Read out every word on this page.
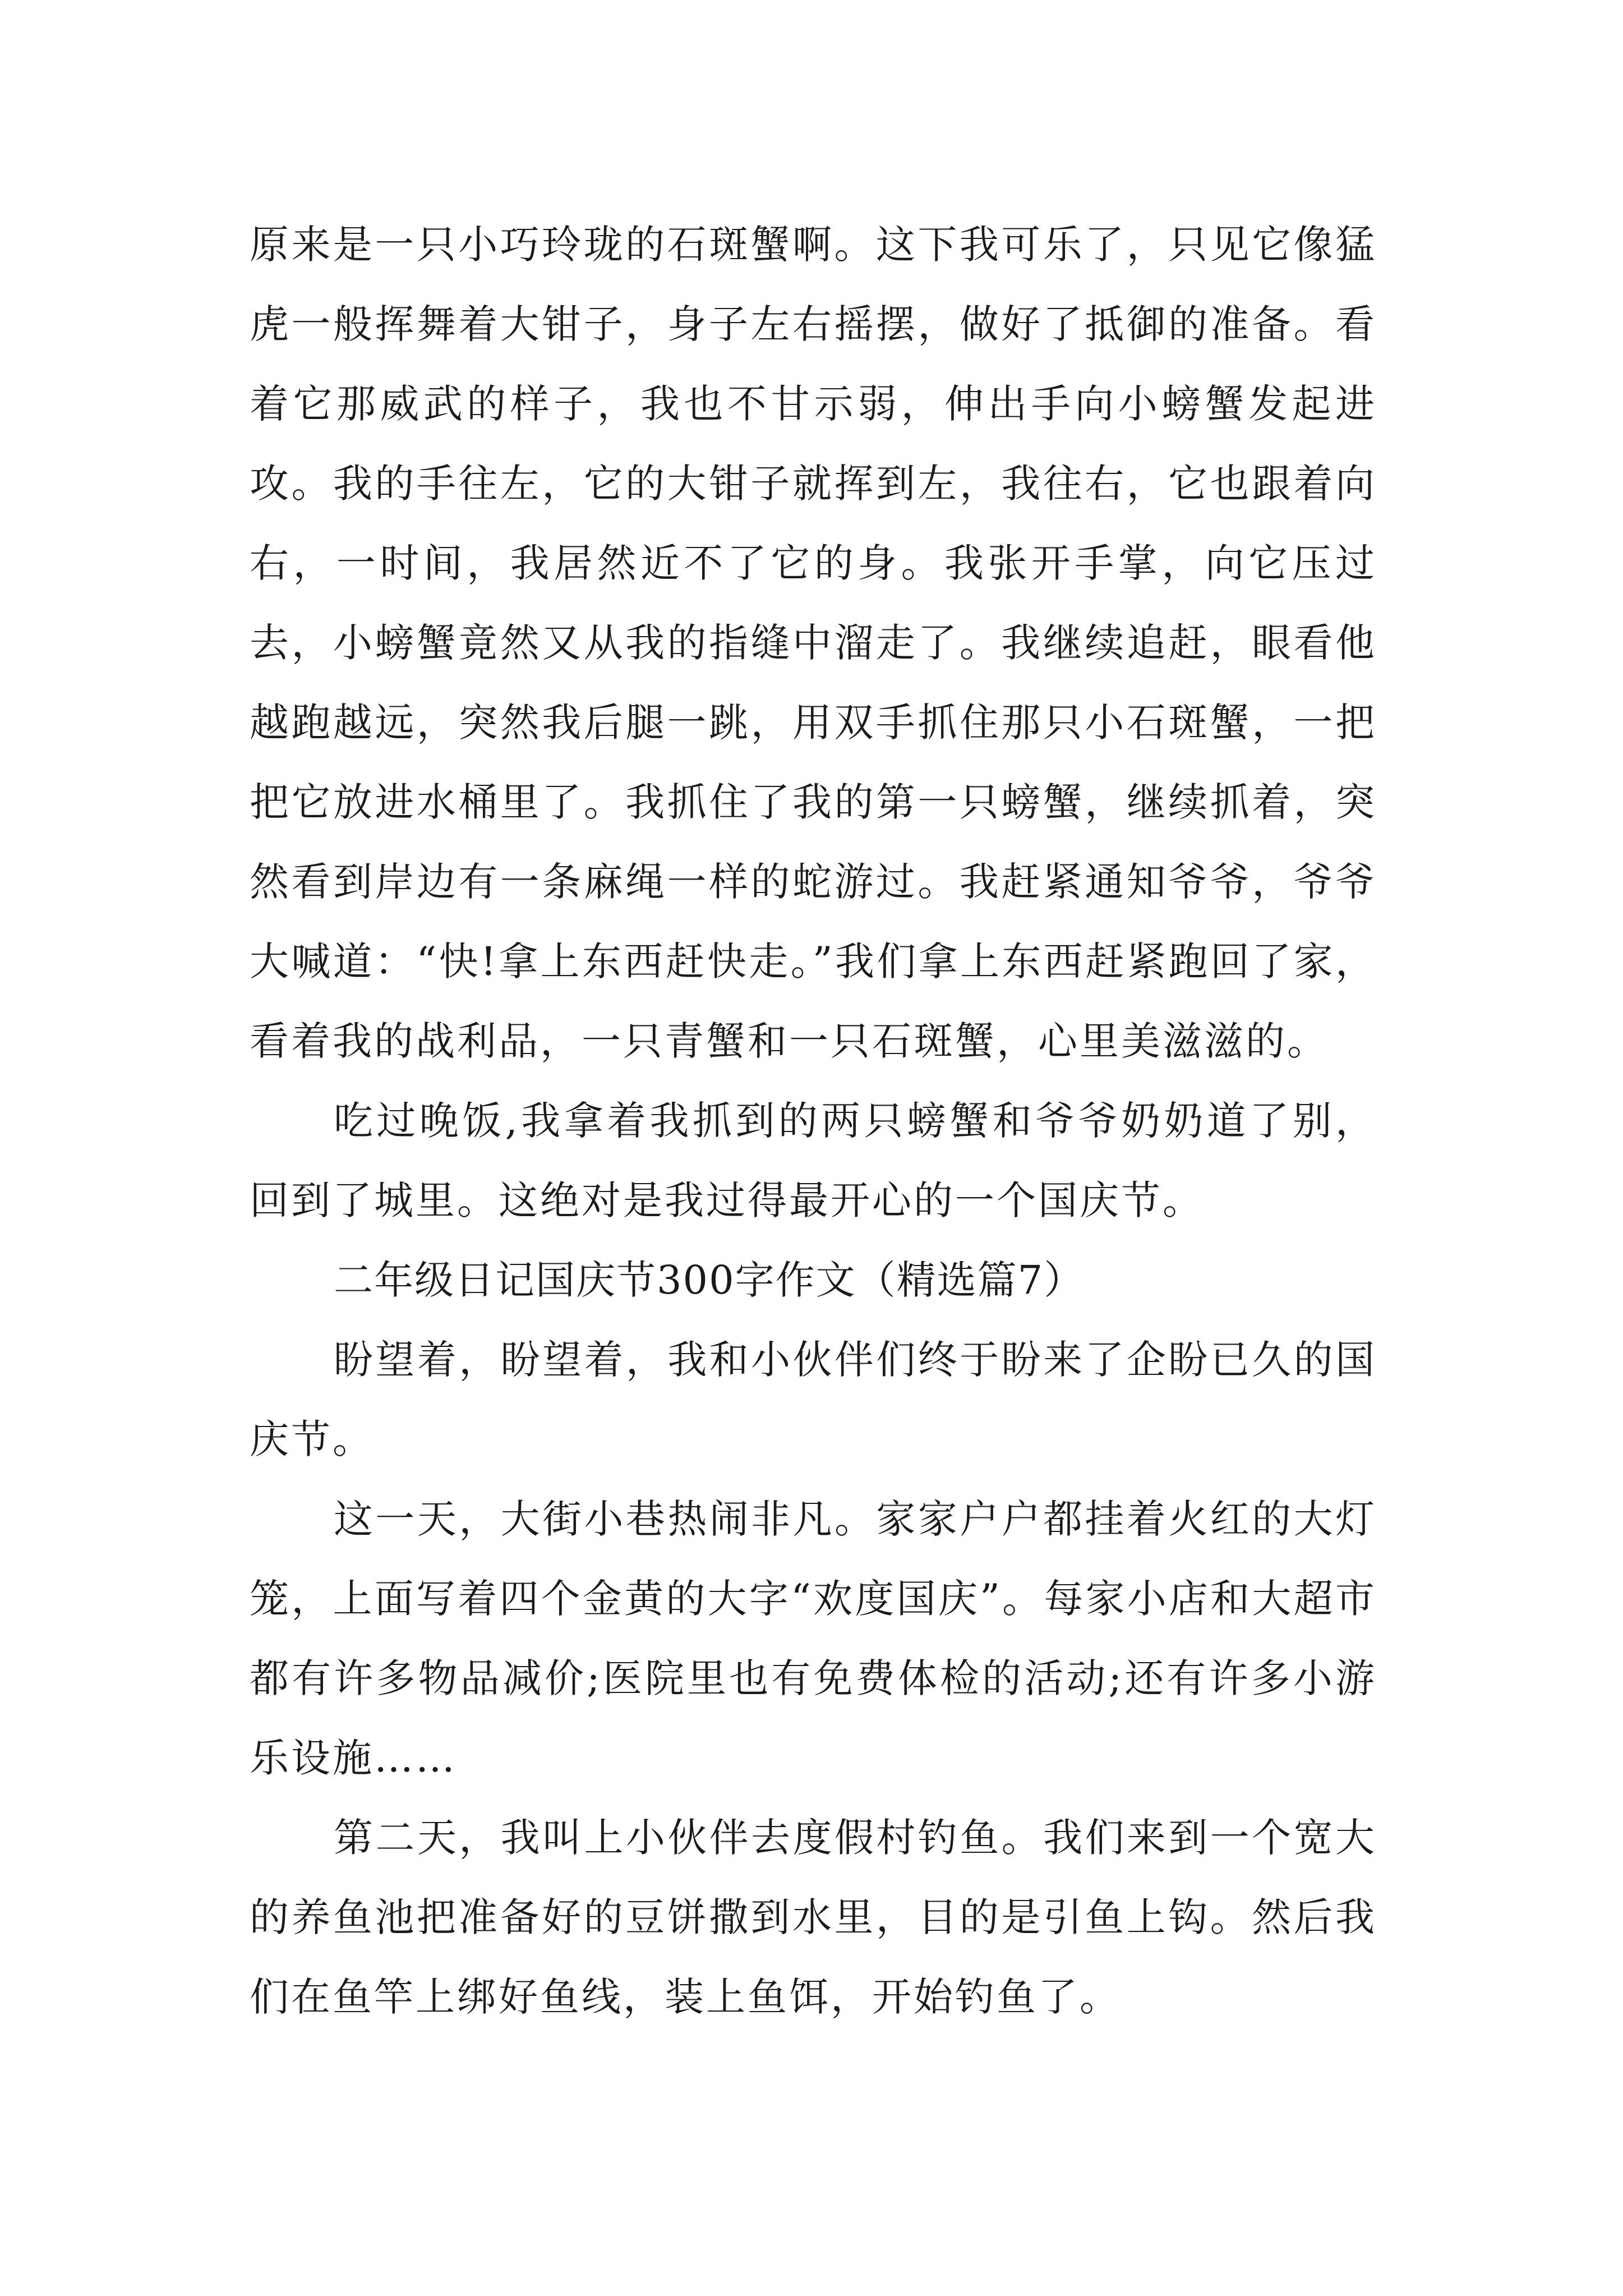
原来是一只小巧玲珑的石斑蟹啊。这下我可乐了，只见它像猛虎一般挥舞着大钳子，身子左右摇摆，做好了抵御的准备。看着它那威武的样子，我也不甘示弱，伸出手向小螃蟹发起进攻。我的手往左，它的大钳子就挥到左，我往右，它也跟着向右，一时间，我居然近不了它的身。我张开手掌，向它压过去，小螃蟹竟然又从我的指缝中溜走了。我继续追赶，眼看他越跑越远，突然我后腿一跳，用双手抓住那只小石斑蟹，一把把它放进水桶里了。我抓住了我的第一只螃蟹，继续抓着，突然看到岸边有一条麻绳一样的蛇游过。我赶紧通知爷爷，爷爷大喊道：“快!拿上东西赶快走。”我们拿上东西赶紧跑回了家，看着我的战利品，一只青蟹和一只石斑蟹，心里美滋滋的。

吃过晚饭,我拿着我抓到的两只螃蟹和爷爷奶奶道了别，回到了城里。这绝对是我过得最开心的一个国庆节。

二年级日记国庆节300字作文（精选篇7）

盼望着，盼望着，我和小伙伴们终于盼来了企盼已久的国庆节。

这一天，大街小巷热闹非凡。家家户户都挂着火红的大灯笼，上面写着四个金黄的大字“欢度国庆”。每家小店和大超市都有许多物品减价;医院里也有免费体检的活动;还有许多小游乐设施……

第二天，我叫上小伙伴去度假村钓鱼。我们来到一个宽大的养鱼池把准备好的豆饼撒到水里，目的是引鱼上钩。然后我们在鱼竿上绑好鱼线，装上鱼饵，开始钓鱼了。
